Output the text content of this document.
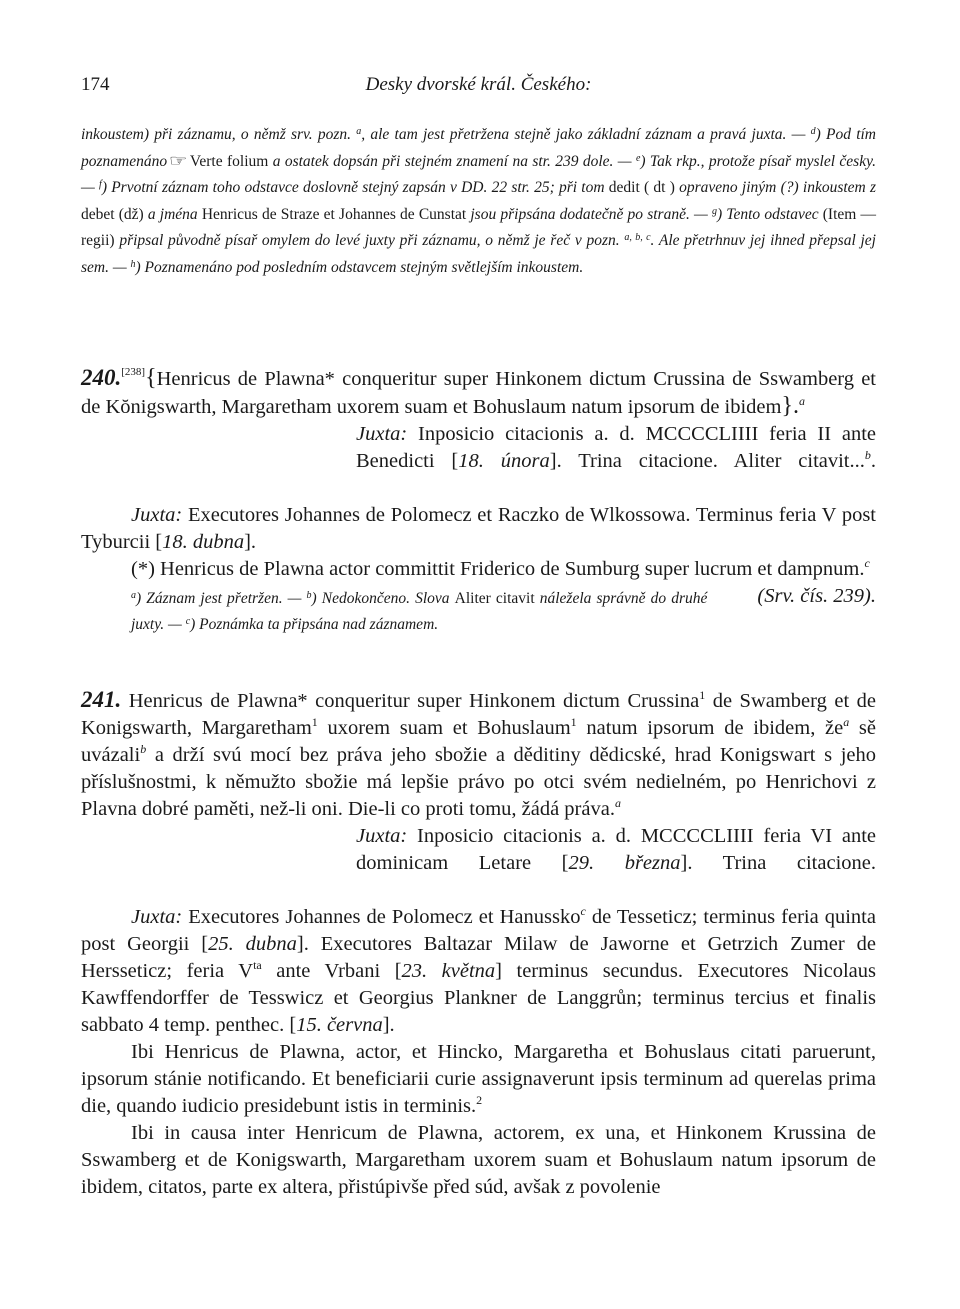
174	Desky dvorské král. Českého:
inkoustem) při záznamu, o němž srv. pozn. $^a$, ale tam jest přetržena stejně jako základní záznam a pravá juxta. — $^d$) Pod tím poznamenáno ☞ Verte folium a ostatek dopsán při stejném znamení na str. 239 dole. — $^e$) Tak rkp., protože písař myslel česky. — $^f$) Prvotní záznam toho odstavce doslovně stejný zapsán v DD. 22 str. 25; při tom dedit ( dt ) opraveno jiným (?) inkoustem z debet (dž) a jména Henricus de Straze et Johannes de Cunstat jsou připsána dodatečně po straně. — $^g$) Tento odstavec (Item — regii) připsal původně písař omylem do levé juxty při záznamu, o němž je řeč v pozn. $^{a, b, c}$. Ale přetrhnuv jej ihned přepsal jej sem. — $^h$) Poznamenáno pod posledním odstavcem stejným světlejším inkoustem.

240.[238]{Henricus de Plawna* conqueritur super Hinkonem dictum Crussina de Sswamberg et de Kŏnigswarth, Margaretham uxorem suam et Bohuslaum natum ipsorum de ibidem}.$^a$

Juxta: Inposicio citacionis a. d. MCCCCLIIII feria II ante Benedicti [18. února]. Trina citacione. Aliter citavit...$^b$.

Juxta: Executores Johannes de Polomecz et Raczko de Wlkossowa. Terminus feria V post Tyburcii [18. dubna].

(*) Henricus de Plawna actor committit Friderico de Sumburg super lucrum et dampnum.$^c$
(Srv. čís. 239).

$^a$) Záznam jest přetržen. — $^b$) Nedokončeno. Slova Aliter citavit náležela správně do druhé juxty. — $^c$) Poznámka ta připsána nad záznamem.

241. Henricus de Plawna* conqueritur super Hinkonem dictum Crussina$^1$ de Swamberg et de Konigswarth, Margaretham$^1$ uxorem suam et Bohuslaum$^1$ natum ipsorum de ibidem, $že^a$ sě uvázali$^b$ a drží svú mocí bez práva jeho sbožie a děditiny dědicské, hrad Konigswart s jeho příslušnostmi, k němužto sbožie má lepšie právo po otci svém nedielném, po Henrichovi z Plavna dobré paměti, než-li oni. Die-li co proti tomu, žádá práva.$^a$

Juxta: Inposicio citacionis a. d. MCCCCLIIII feria VI ante dominicam Letare [29. března]. Trina citacione.

Juxta: Executores Johannes de Polomecz et Hanussko$^c$ de Tesseticz; terminus feria quinta post Georgii [25. dubna]. Executores Baltazar Milaw de Jaworne et Getrzich Zumer de Hersseticz; feria $V^{ta}$ ante Vrbani [23. května] terminus secundus. Executores Nicolaus Kawffendorffer de Tesswicz et Georgius Plankner de Langgrůn; terminus tercius et finalis sabbato 4 temp. penthec. [15. června].

Ibi Henricus de Plawna, actor, et Hincko, Margaretha et Bohuslaus citati paruerunt, ipsorum stánie notificando. Et beneficiarii curie assignaverunt ipsis terminum ad querelas prima die, quando iudicio presidebunt istis in terminis.$^2$

Ibi in causa inter Henricum de Plawna, actorem, ex una, et Hinkonem Krussina de Sswamberg et de Konigswarth, Margaretham uxorem suam et Bohuslaum natum ipsorum de ibidem, citatos, parte ex altera, přistúpivše před súd, avšak z povolenie
